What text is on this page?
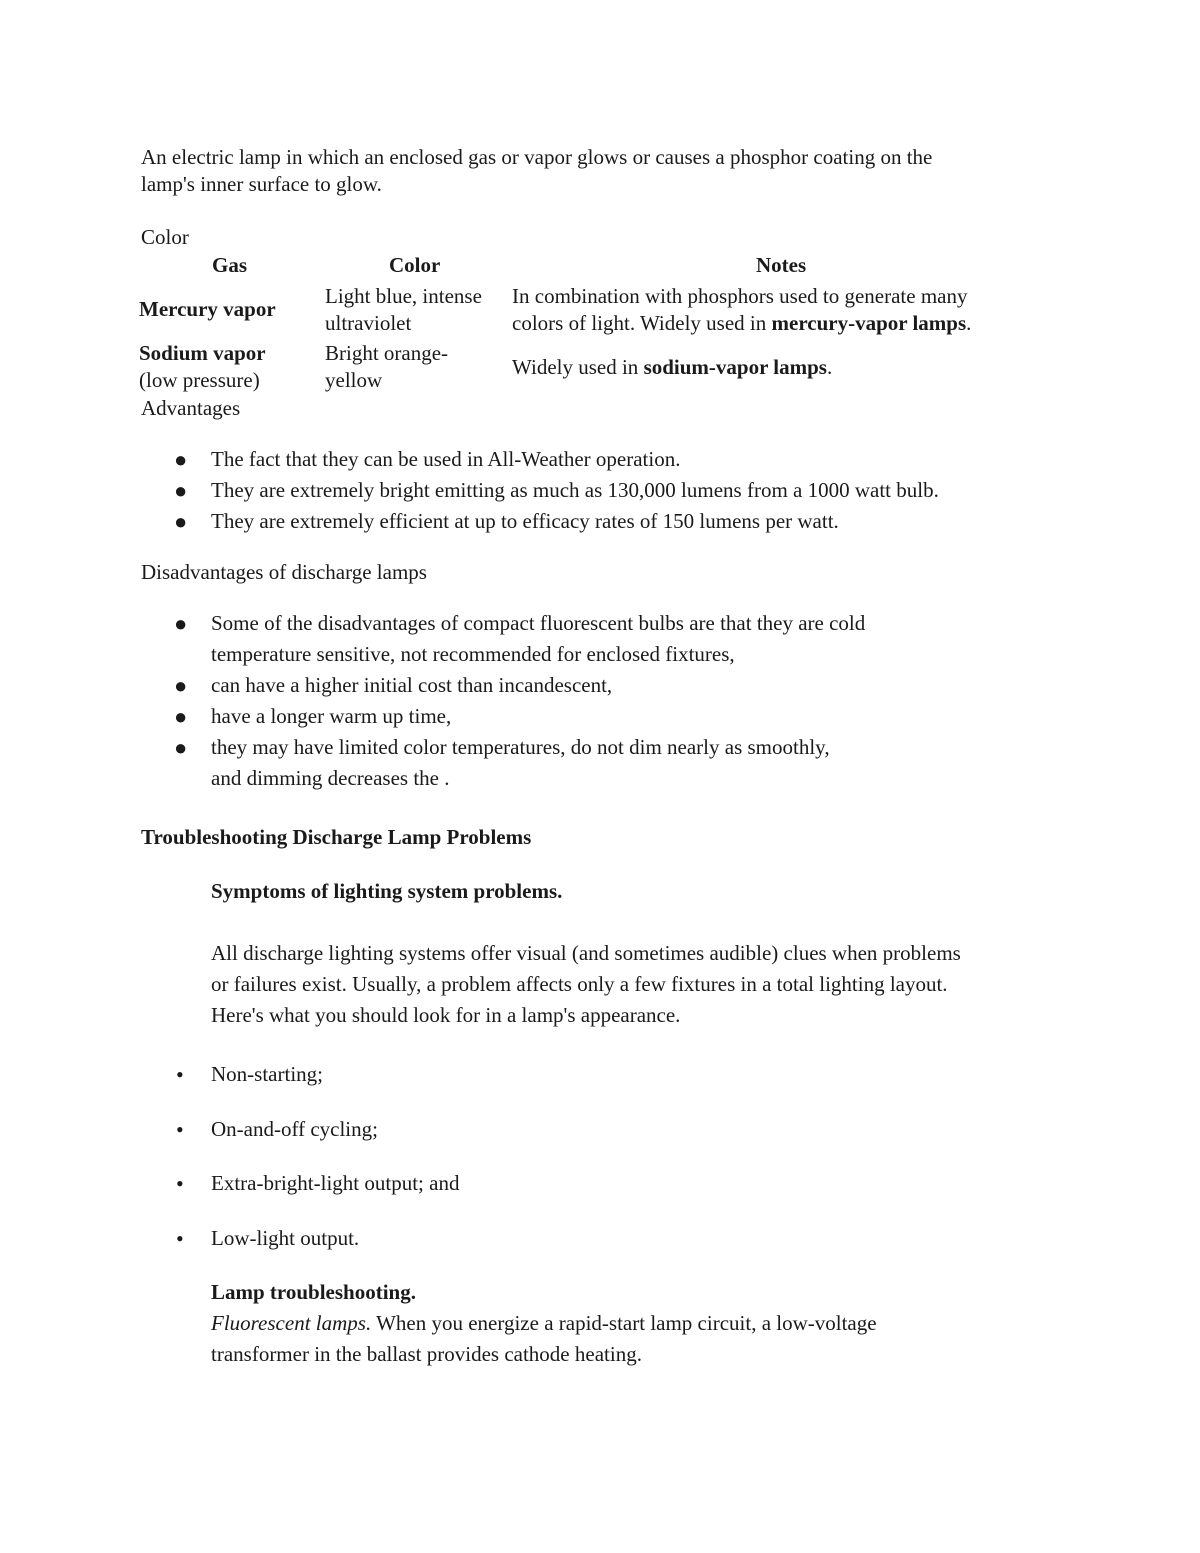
An electric lamp in which an enclosed gas or vapor glows or causes a phosphor coating on the
lamp's inner surface to glow.
Color
Gas	Color	Notes
Mercury vapor
Light blue, intense
ultraviolet
In combination with phosphors used to generate many
colors of light. Widely used in mercury-vapor lamps.
Sodium vapor
(low pressure)
Bright orange-
yellow
Widely used in sodium-vapor lamps.
Advantages
● The fact that they can be used in All-Weather operation.
● They are extremely bright emitting as much as 130,000 lumens from a 1000 watt bulb.
● They are extremely efficient at up to efficacy rates of 150 lumens per watt.
Disadvantages of discharge lamps
● Some of the disadvantages of compact fluorescent bulbs are that they are cold
temperature sensitive, not recommended for enclosed fixtures,
● can have a higher initial cost than incandescent,
● have a longer warm up time,
● they may have limited color temperatures, do not dim nearly as smoothly,
and dimming decreases the .
Troubleshooting Discharge Lamp Problems
Symptoms of lighting system problems.
All discharge lighting systems offer visual (and sometimes audible) clues when problems
or failures exist. Usually, a problem affects only a few fixtures in a total lighting layout.
Here's what you should look for in a lamp's appearance.
• Non-starting;
• On-and-off cycling;
• Extra-bright-light output; and
• Low-light output.
Lamp troubleshooting.
Fluorescent lamps. When you energize a rapid-start lamp circuit, a low-voltage
transformer in the ballast provides cathode heating.
